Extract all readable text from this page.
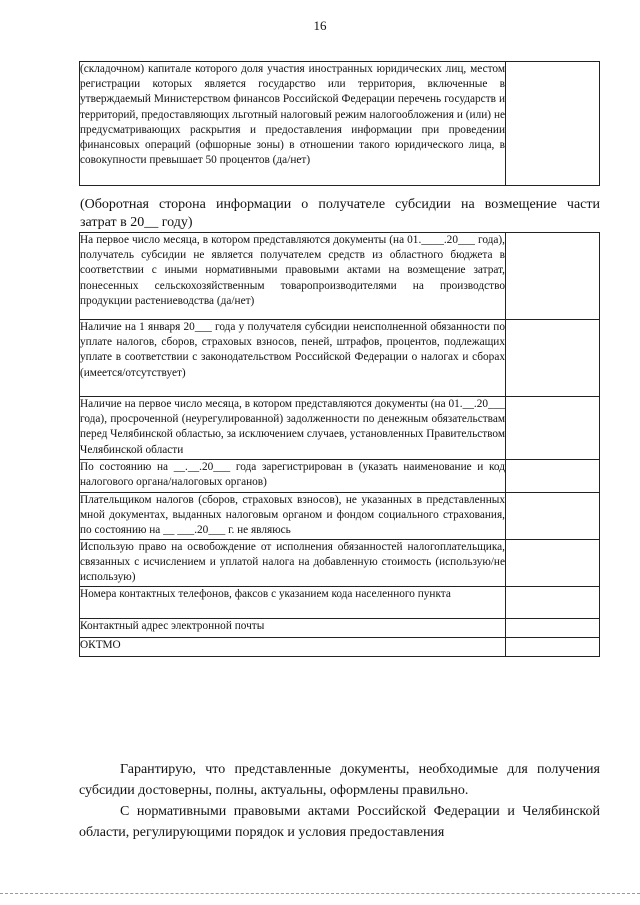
16
(складочном) капитале которого доля участия иностранных юридических лиц, местом регистрации которых является государство или территория, включенные в утверждаемый Министерством финансов Российской Федерации перечень государств и территорий, предоставляющих льготный налоговый режим налогообложения и (или) не предусматривающих раскрытия и предоставления информации при проведении финансовых операций (офшорные зоны) в отношении такого юридического лица, в совокупности превышает 50 процентов (да/нет)	
(Оборотная сторона информации о получателе субсидии на возмещение части
затрат в 20__ году)
На первое число месяца, в котором представляются документы (на 01.____.20___ года), получатель субсидии не является получателем средств из областного бюджета в соответствии с иными нормативными правовыми актами на возмещение затрат, понесенных сельскохозяйственным товаропроизводителями на производство продукции растениеводства (да/нет)	
Наличие на 1 января 20___ года у получателя субсидии неисполненной обязанности по уплате налогов, сборов, страховых взносов, пеней, штрафов, процентов, подлежащих уплате в соответствии с законодательством Российской Федерации о налогах и сборах (имеется/отсутствует)	
Наличие на первое число месяца, в котором представляются документы (на 01.__.20___ года), просроченной (неурегулированной) задолженности по денежным обязательствам перед Челябинской областью, за исключением случаев, установленных Правительством Челябинской области	
По состоянию на __.__.20___ года зарегистрирован в (указать наименование и код налогового органа/налоговых органов)	
Плательщиком налогов (сборов, страховых взносов), не указанных в представленных мной документах, выданных налоговым органом и фондом социального страхования, по состоянию на __ ___.20___ г. не являюсь	
Использую право на освобождение от исполнения обязанностей налогоплательщика, связанных с исчислением и уплатой налога на добавленную стоимость (использую/не использую)	
Номера контактных телефонов, факсов с указанием кода населенного пункта	
Контактный адрес электронной почты	
ОКТМО	

Гарантирую, что представленные документы, необходимые для получения субсидии достоверны, полны, актуальны, оформлены правильно.

С нормативными правовыми актами Российской Федерации и Челябинской области, регулирующими порядок и условия предоставления
